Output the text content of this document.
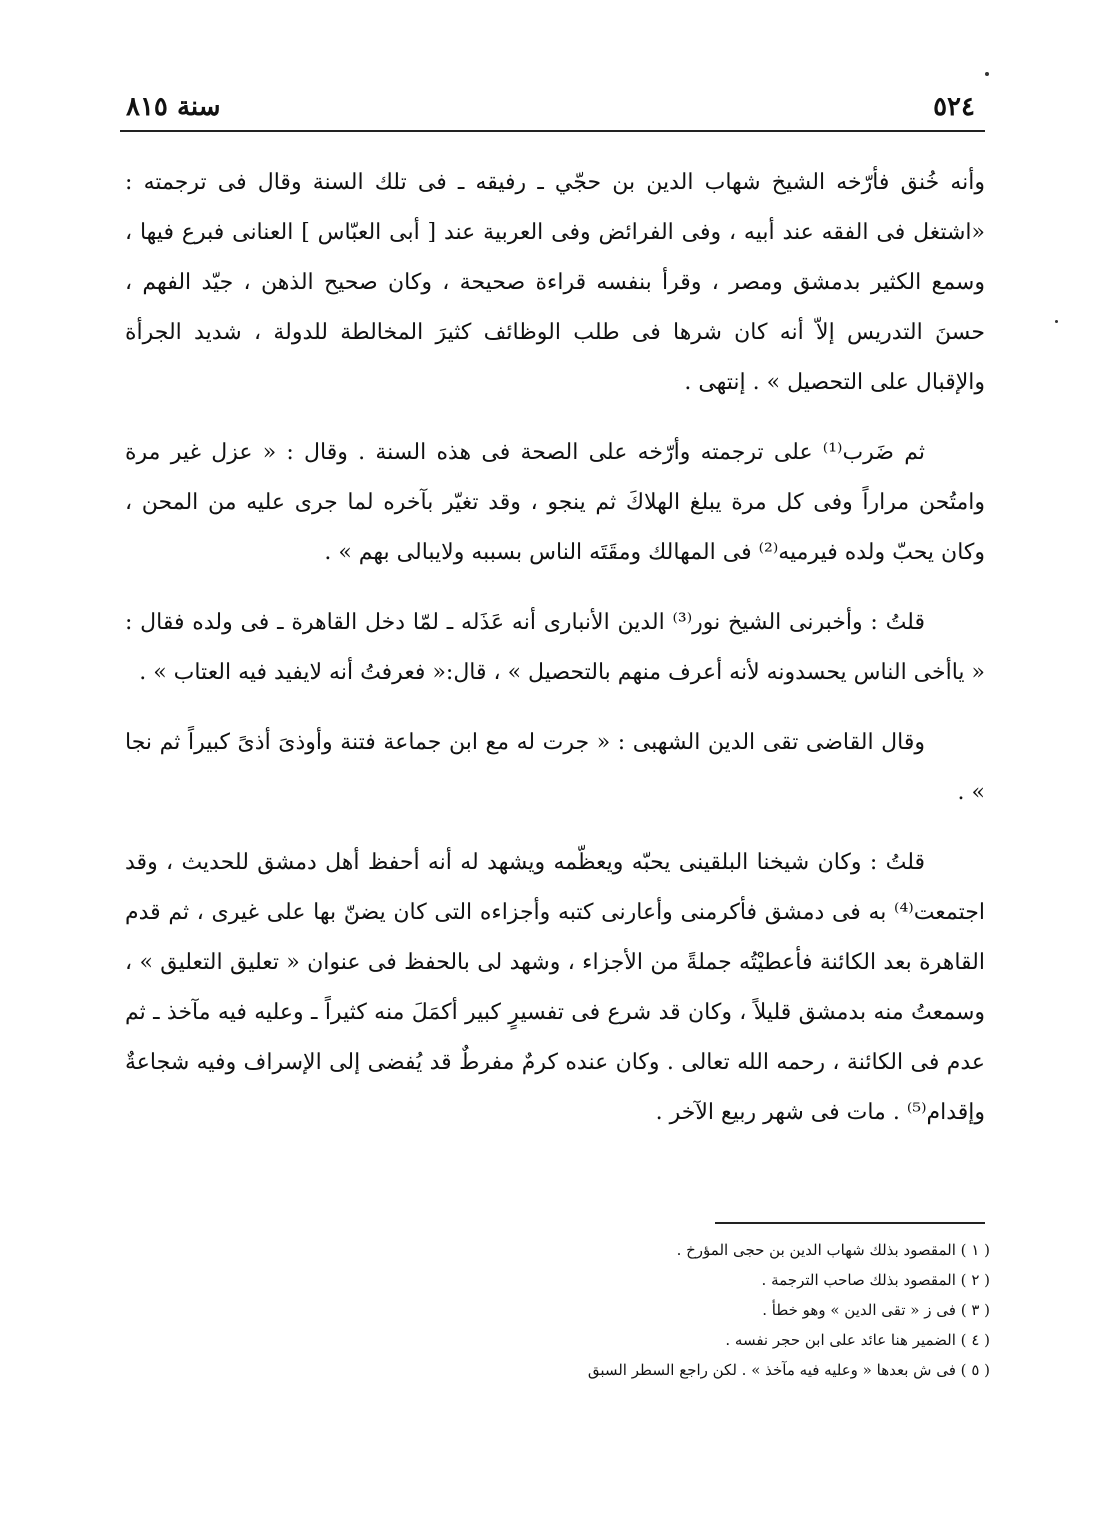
٥٢٤
سنة ٨١٥

وأنه خُنق فأرّخه الشيخ شهاب الدين بن حجّي ـ رفيقه ـ فى تلك السنة وقال فى ترجمته : «اشتغل فى الفقه عند أبيه ، وفى الفرائض وفى العربية عند [ أبى العبّاس ] العنانى فبرع فيها ، وسمع الكثير بدمشق ومصر ، وقرأ بنفسه قراءة صحيحة ، وكان صحيح الذهن ، جيّد الفهم ، حسنَ التدريس إلاّ أنه كان شرها فى طلب الوظائف كثيرَ المخالطة للدولة ، شديد الجرأة والإقبال على التحصيل » . إنتهى .

ثم ضَرب⁽¹⁾ على ترجمته وأرّخه على الصحة فى هذه السنة . وقال : « عزل غير مرة وامتُحن مراراً وفى كل مرة يبلغ الهلاكَ ثم ينجو ، وقد تغيّر بآخره لما جرى عليه من المحن ، وكان يحبّ ولده فيرميه⁽²⁾ فى المهالك ومقَتَه الناس بسببه ولايبالى بهم » .

قلتُ : وأخبرنى الشيخ نور⁽³⁾ الدين الأنبارى أنه عَذَله ـ لمّا دخل القاهرة ـ فى ولده فقال : « ياأخى الناس يحسدونه لأنه أعرف منهم بالتحصيل » ، قال:« فعرفتُ أنه لايفيد فيه العتاب » .

وقال القاضى تقى الدين الشهبى : « جرت له مع ابن جماعة فتنة وأوذىَ أذىً كبيراً ثم نجا » .

قلتُ : وكان شيخنا البلقينى يحبّه ويعظّمه ويشهد له أنه أحفظ أهل دمشق للحديث ، وقد اجتمعت⁽⁴⁾ به فى دمشق فأكرمنى وأعارنى كتبه وأجزاءه التى كان يضنّ بها على غيرى ، ثم قدم القاهرة بعد الكائنة فأعطيْتُه جملةً من الأجزاء ، وشهد لى بالحفظ فى عنوان « تعليق التعليق » ، وسمعتُ منه بدمشق قليلاً ، وكان قد شرع فى تفسيرٍ كبير أكمَلَ منه كثيراً ـ وعليه فيه مآخذ ـ ثم عدم فى الكائنة ، رحمه الله تعالى . وكان عنده كرمٌ مفرطٌ قد يُفضى إلى الإسراف وفيه شجاعةٌ وإقدام⁽⁵⁾ . مات فى شهر ربيع الآخر .

( ١ ) المقصود بذلك شهاب الدين بن حجى المؤرخ .
( ٢ ) المقصود بذلك صاحب الترجمة .
( ٣ ) فى ز « تقى الدين » وهو خطأ .
( ٤ ) الضمير هنا عائد على ابن حجر نفسه .
( ٥ ) فى ش بعدها « وعليه فيه مآخذ » . لكن راجع السطر السبق
